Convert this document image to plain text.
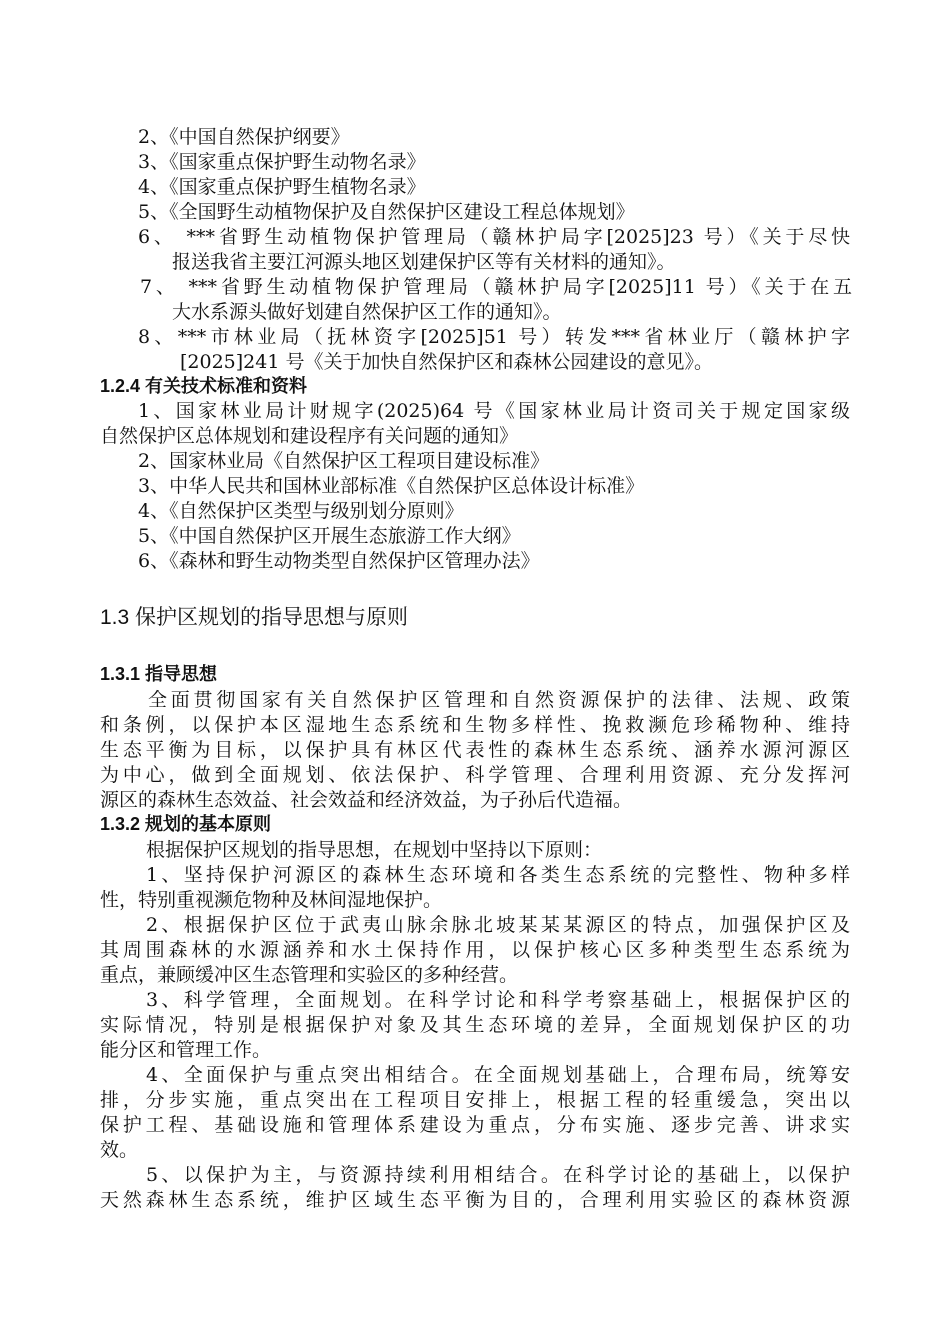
2、《中国自然保护纲要》
3、《国家重点保护野生动物名录》
4、《国家重点保护野生植物名录》
5、《全国野生动植物保护及自然保护区建设工程总体规划》
6、 ***省野生动植物保护管理局（赣林护局字[2025]23 号）《关于尽快
报送我省主要江河源头地区划建保护区等有关材料的通知》。
7、 ***省野生动植物保护管理局（赣林护局字[2025]11 号）《关于在五
大水系源头做好划建自然保护区工作的通知》。
8、***市林业局（抚林资字[2025]51 号）转发***省林业厅（赣林护字
[2025]241 号《关于加快自然保护区和森林公园建设的意见》。
1.2.4 有关技术标准和资料
1、国家林业局计财规字(2025)64 号《国家林业局计资司关于规定国家级
自然保护区总体规划和建设程序有关问题的通知》
2、国家林业局《自然保护区工程项目建设标准》
3、中华人民共和国林业部标准《自然保护区总体设计标准》
4、《自然保护区类型与级别划分原则》
5、《中国自然保护区开展生态旅游工作大纲》
6、《森林和野生动物类型自然保护区管理办法》
1.3 保护区规划的指导思想与原则
1.3.1 指导思想
全面贯彻国家有关自然保护区管理和自然资源保护的法律、法规、政策
和条例，以保护本区湿地生态系统和生物多样性、挽救濒危珍稀物种、维持
生态平衡为目标，以保护具有林区代表性的森林生态系统、涵养水源河源区
为中心，做到全面规划、依法保护、科学管理、合理利用资源、充分发挥河
源区的森林生态效益、社会效益和经济效益，为子孙后代造福。
1.3.2 规划的基本原则
根据保护区规划的指导思想，在规划中坚持以下原则：
1、坚持保护河源区的森林生态环境和各类生态系统的完整性、物种多样
性，特别重视濒危物种及林间湿地保护。
2、根据保护区位于武夷山脉余脉北坡某某某源区的特点，加强保护区及
其周围森林的水源涵养和水土保持作用，以保护核心区多种类型生态系统为
重点，兼顾缓冲区生态管理和实验区的多种经营。
3、科学管理，全面规划。在科学讨论和科学考察基础上，根据保护区的
实际情况，特别是根据保护对象及其生态环境的差异，全面规划保护区的功
能分区和管理工作。
4、全面保护与重点突出相结合。在全面规划基础上，合理布局，统筹安
排，分步实施，重点突出在工程项目安排上，根据工程的轻重缓急，突出以
保护工程、基础设施和管理体系建设为重点，分布实施、逐步完善、讲求实
效。
5、以保护为主，与资源持续利用相结合。在科学讨论的基础上，以保护
天然森林生态系统，维护区域生态平衡为目的，合理利用实验区的森林资源
